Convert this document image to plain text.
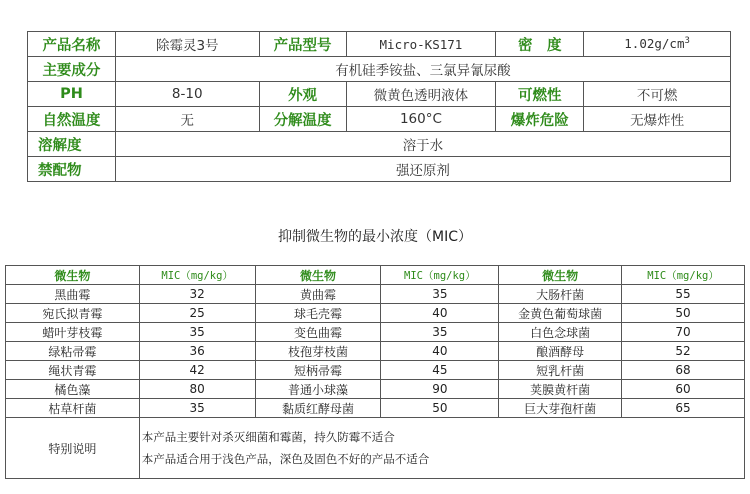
产品名称	除霉灵3号	产品型号	Micro-KS171	密　度	$1.02g/cm^3$
主要成分	有机硅季铵盐、三氯异氰尿酸				
PH	8-10	外观	微黄色透明液体	可燃性	不可燃
自然温度	无	分解温度	160°C	爆炸危险	无爆炸性
溶解度	溶于水				
禁配物	强还原剂				
抑制微生物的最小浓度（MIC）
微生物	MIC（mg/kg）	微生物	MIC（mg/kg）	微生物	MIC（mg/kg）
黑曲霉	32	黄曲霉	35	大肠杆菌	55
宛氏拟青霉	25	球毛壳霉	40	金黄色葡萄球菌	50
蜡叶芽枝霉	35	变色曲霉	35	白色念球菌	70
绿粘帚霉	36	枝孢芽枝菌	40	酿酒酵母	52
绳状青霉	42	短柄帚霉	45	短乳杆菌	68
橘色藻	80	普通小球藻	90	荚膜黄杆菌	60
枯草杆菌	35	黏质红酵母菌	50	巨大芽孢杆菌	65
特别说明	本产品主要针对杀灭细菌和霉菌，持久防霉不适合
本产品适合用于浅色产品，深色及固色不好的产品不适合				
